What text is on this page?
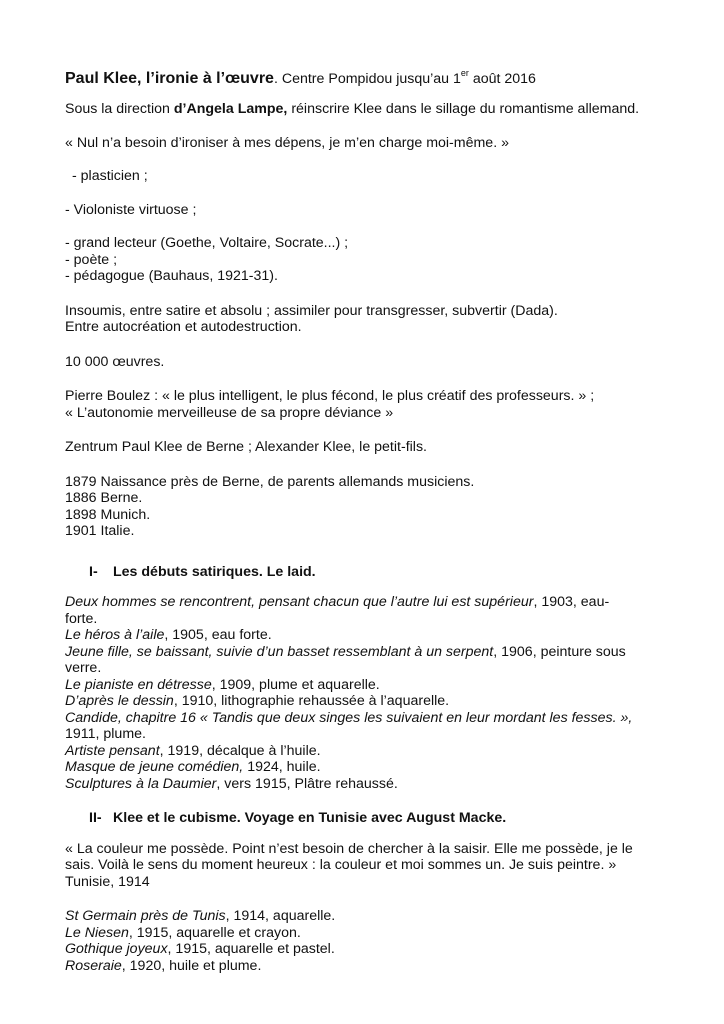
Paul Klee, l’ironie à l’œuvre. Centre Pompidou jusqu’au 1er août 2016

Sous la direction d’Angela Lampe, réinscrire Klee dans le sillage du romantisme allemand.

« Nul n’a besoin d’ironiser à mes dépens, je m’en charge moi-même. »

- plasticien ;

- Violoniste virtuose ;

- grand lecteur (Goethe, Voltaire, Socrate...) ;
- poète ;
- pédagogue (Bauhaus, 1921-31).

Insoumis, entre satire et absolu ; assimiler pour transgresser, subvertir (Dada).
Entre autocréation et autodestruction.

10 000 œuvres.

Pierre Boulez : « le plus intelligent, le plus fécond, le plus créatif des professeurs. » ;
« L’autonomie merveilleuse de sa propre déviance »

Zentrum Paul Klee de Berne ; Alexander Klee, le petit-fils.

1879 Naissance près de Berne, de parents allemands musiciens.
1886 Berne.
1898 Munich.
1901 Italie.
I- Les débuts satiriques. Le laid.
Deux hommes se rencontrent, pensant chacun que l’autre lui est supérieur, 1903, eau-
forte.
Le héros à l’aile, 1905, eau forte.
Jeune fille, se baissant, suivie d’un basset ressemblant à un serpent, 1906, peinture sous
verre.
Le pianiste en détresse, 1909, plume et aquarelle.
D’après le dessin, 1910, lithographie rehaussée à l’aquarelle.
Candide, chapitre 16 « Tandis que deux singes les suivaient en leur mordant les fesses. »,
1911, plume.
Artiste pensant, 1919, décalque à l’huile.
Masque de jeune comédien, 1924, huile.
Sculptures à la Daumier, vers 1915, Plâtre rehaussé.
II- Klee et le cubisme. Voyage en Tunisie avec August Macke.

« La couleur me possède. Point n’est besoin de chercher à la saisir. Elle me possède, je le
sais. Voilà le sens du moment heureux : la couleur et moi sommes un. Je suis peintre. »
Tunisie, 1914

St Germain près de Tunis, 1914, aquarelle.
Le Niesen, 1915, aquarelle et crayon.
Gothique joyeux, 1915, aquarelle et pastel.
Roseraie, 1920, huile et plume.
